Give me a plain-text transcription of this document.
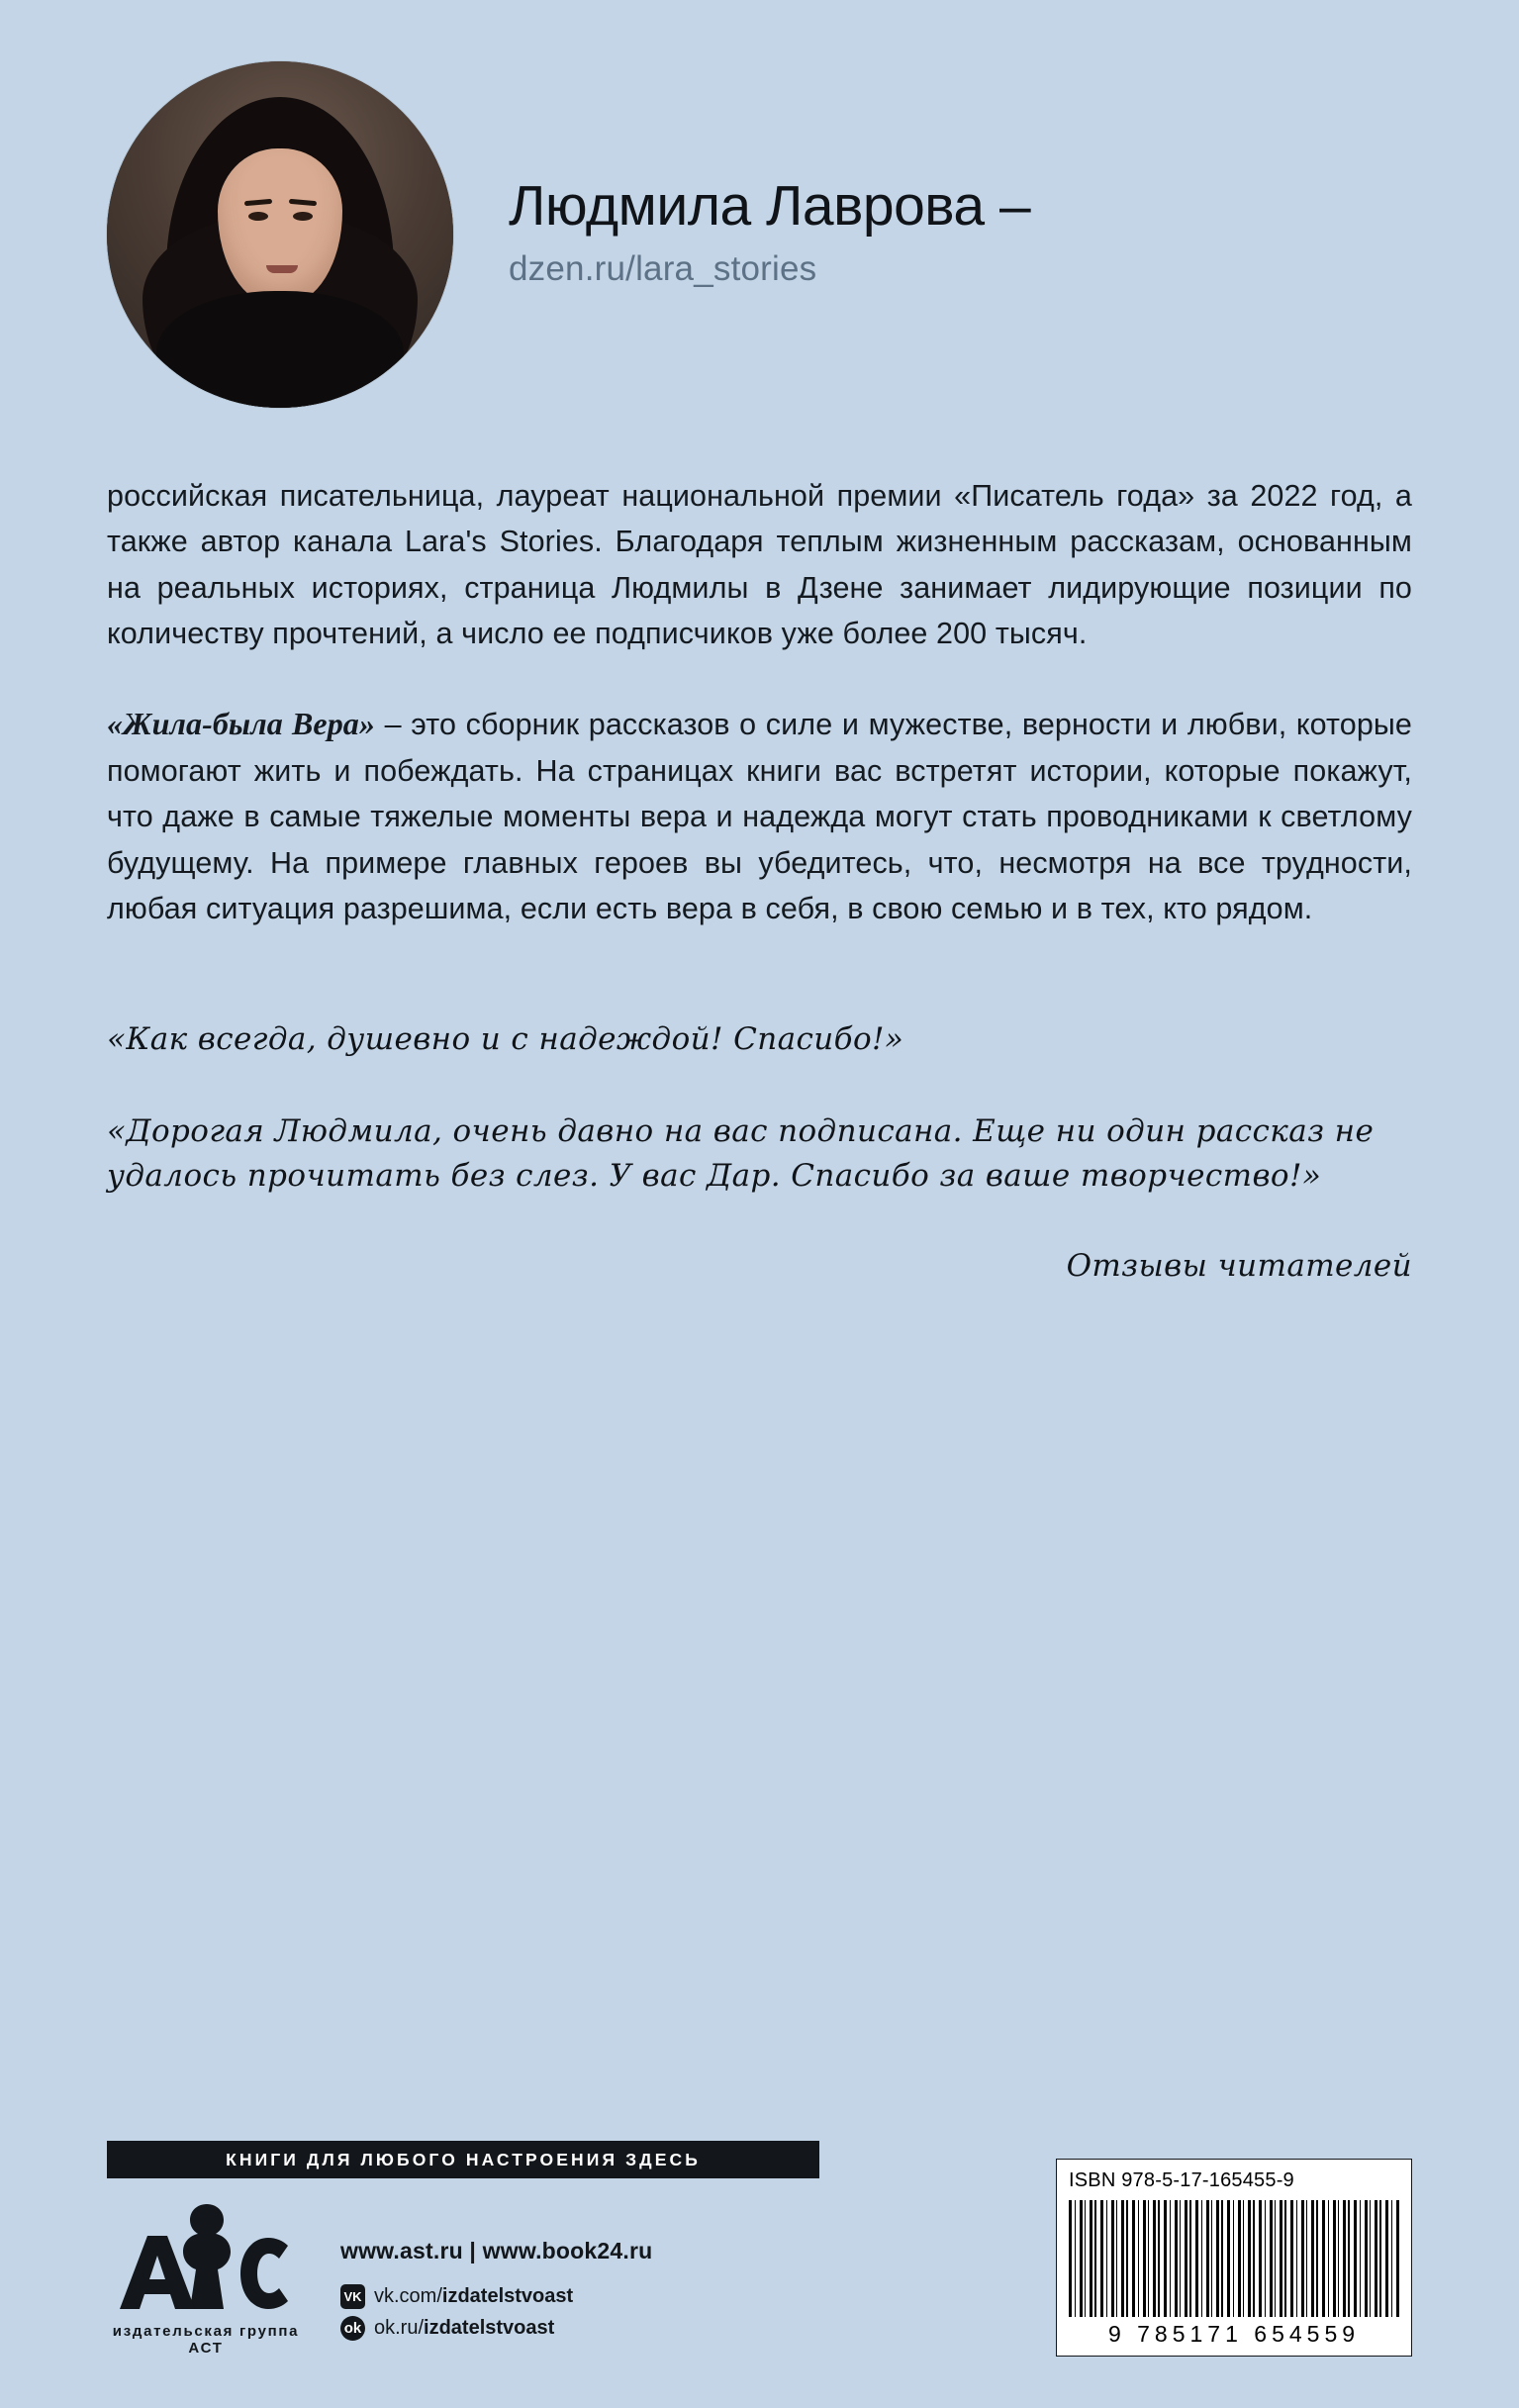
Людмила Лаврова –
dzen.ru/lara_stories

российская писательница, лауреат национальной премии «Писатель года» за 2022 год, а также автор канала Lara's Stories. Благодаря теплым жизненным рассказам, основанным на реальных историях, страница Людмилы в Дзене занимает лидирующие позиции по количеству прочтений, а число ее подписчиков уже более 200 тысяч.

«Жила-была Вера» – это сборник рассказов о силе и мужестве, верности и любви, которые помогают жить и побеждать. На страницах книги вас встретят истории, которые покажут, что даже в самые тяжелые моменты вера и надежда могут стать проводниками к светлому будущему. На примере главных героев вы убедитесь, что, несмотря на все трудности, любая ситуация разрешима, если есть вера в себя, в свою семью и в тех, кто рядом.

«Как всегда, душевно и с надеждой! Спасибо!»

«Дорогая Людмила, очень давно на вас подписана. Еще ни один рассказ не удалось прочитать без слез. У вас Дар. Спасибо за ваше творчество!»

Отзывы читателей
КНИГИ ДЛЯ ЛЮБОГО НАСТРОЕНИЯ ЗДЕСЬ
издательская группа АСТ
www.ast.ru | www.book24.ru
VK vk.com/izdatelstvoast
ok ok.ru/izdatelstvoast
ISBN 978-5-17-165455-9
9 785171 654559
